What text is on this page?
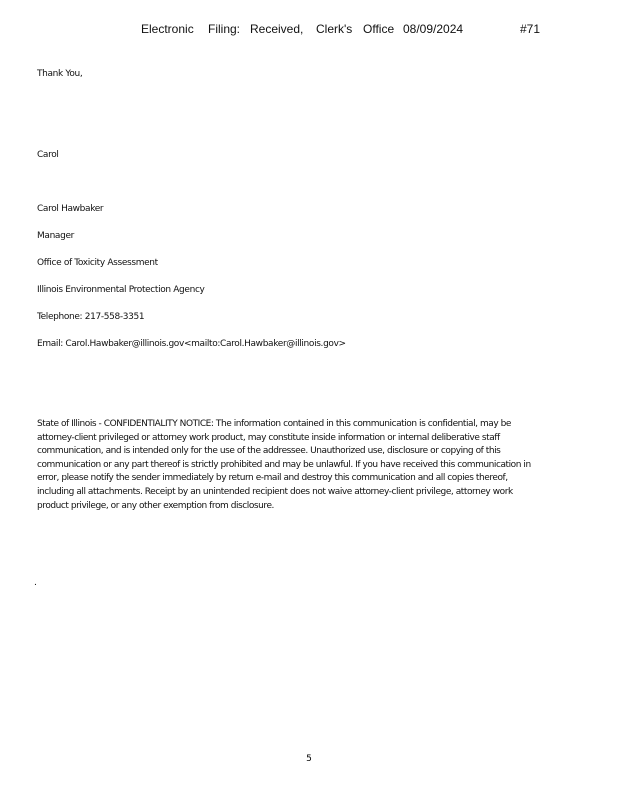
Electronic Filing: Received, Clerk's Office 08/09/2024	#71
Thank You,
Carol
Carol Hawbaker
Manager
Office of Toxicity Assessment
Illinois Environmental Protection Agency
Telephone: 217-558-3351
Email: Carol.Hawbaker@illinois.gov<mailto:Carol.Hawbaker@illinois.gov>

State of Illinois - CONFIDENTIALITY NOTICE: The information contained in this communication is confidential, may be

attorney-client privileged or attorney work product, may constitute inside information or internal deliberative staff

communication, and is intended only for the use of the addressee. Unauthorized use, disclosure or copying of this

communication or any part thereof is strictly prohibited and may be unlawful. If you have received this communication in

error, please notify the sender immediately by return e-mail and destroy this communication and all copies thereof,

including all attachments. Receipt by an unintended recipient does not waive attorney-client privilege, attorney work

product privilege, or any other exemption from disclosure.

.
5
